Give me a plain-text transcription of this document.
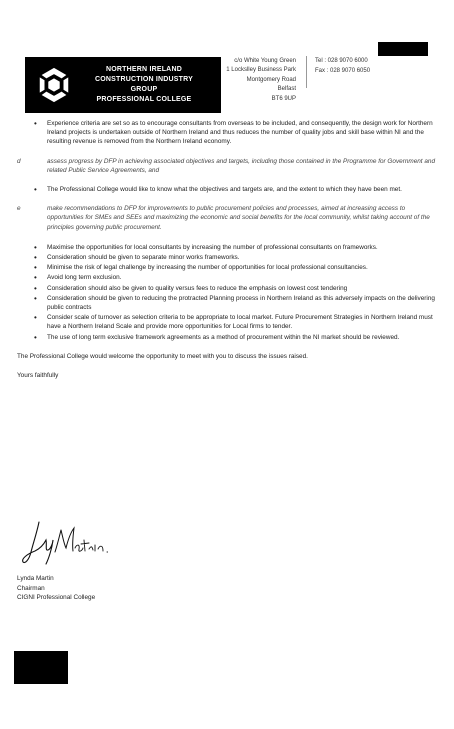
NORTHERN IRELAND
CONSTRUCTION INDUSTRY
GROUP
PROFESSIONAL COLLEGE
c/o White Young Green
1 Lockslley Business Park
Montgomery Road
Belfast
BT6 9UP
Tel : 028 9070 6000
Fax : 028 9070 6050
• Experience criteria are set so as to encourage consultants from overseas to be included, and consequently, the design work for Northern Ireland projects is undertaken outside of Northern Ireland and thus reduces the number of quality jobs and skill base within NI and the resulting revenue is removed from the Northern Ireland economy.
d	assess progress by DFP in achieving associated objectives and targets, including those contained in the Programme for Government and related Public Service Agreements, and
• The Professional College would like to know what the objectives and targets are, and the extent to which they have been met.
e	make recommendations to DFP for improvements to public procurement policies and processes, aimed at increasing access to opportunities for SMEs and SEEs and maximizing the economic and social benefits for the local community, whilst taking account of the principles governing public procurement.
• Maximise the opportunities for local consultants by increasing the number of professional consultants on frameworks.
• Consideration should be given to separate minor works frameworks.
• Minimise the risk of legal challenge by increasing the number of opportunities for local professional consultancies.
• Avoid long term exclusion.
• Consideration should also be given to quality versus fees to reduce the emphasis on lowest cost tendering
• Consideration should be given to reducing the protracted Planning process in Northern Ireland as this adversely impacts on the delivering public contracts
• Consider scale of turnover as selection criteria to be appropriate to local market. Future Procurement Strategies in Northern Ireland must have a Northern Ireland Scale and provide more opportunities for Local firms to tender.
• The use of long term exclusive framework agreements as a method of procurement within the NI market should be reviewed.
The Professional College would welcome the opportunity to meet with you to discuss the issues raised.
Yours faithfully
Lynda Martin
Chairman
CIGNI Professional College
